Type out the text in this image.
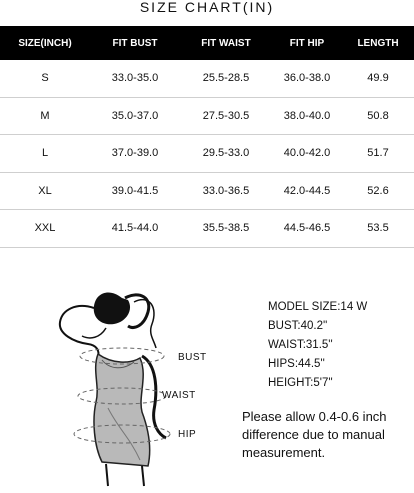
SIZE CHART(IN)
SIZE(INCH)	FIT BUST	FIT WAIST	FIT HIP	LENGTH
S	33.0-35.0	25.5-28.5	36.0-38.0	49.9
M	35.0-37.0	27.5-30.5	38.0-40.0	50.8
L	37.0-39.0	29.5-33.0	40.0-42.0	51.7
XL	39.0-41.5	33.0-36.5	42.0-44.5	52.6
XXL	41.5-44.0	35.5-38.5	44.5-46.5	53.5
BUST
WAIST
HIP
MODEL SIZE:14 W
BUST:40.2''
WAIST:31.5''
HIPS:44.5''
HEIGHT:5'7''
Please allow 0.4-0.6 inch difference due to manual measurement.
